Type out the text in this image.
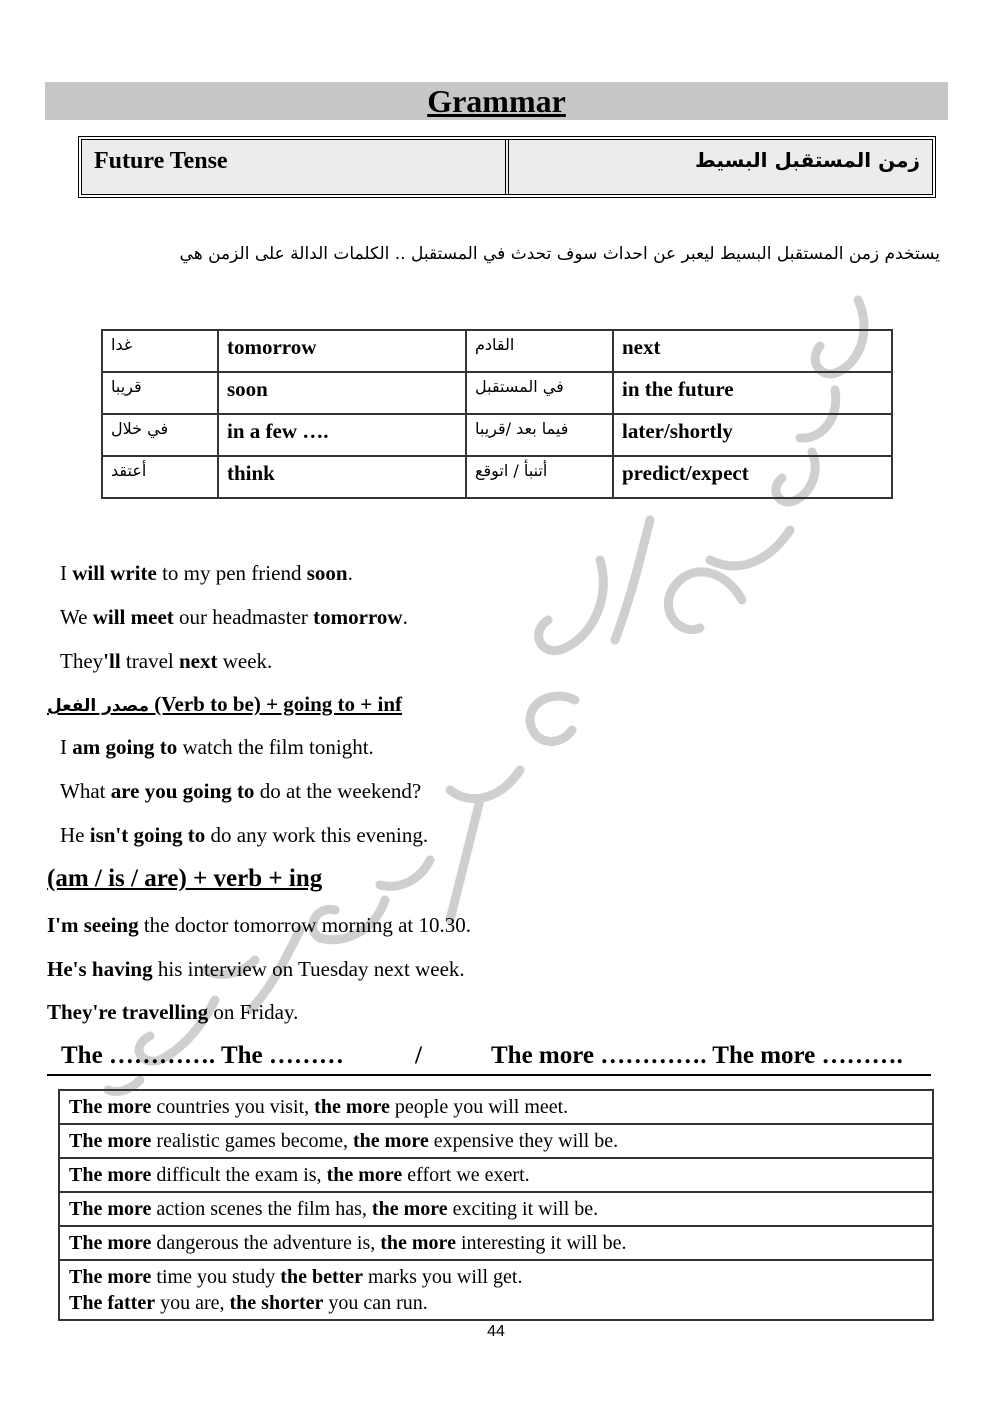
Grammar
Future Tense	زمن المستقبل البسيط
يستخدم زمن المستقبل البسيط ليعبر عن احداث سوف تحدث في المستقبل .. الكلمات الدالة على الزمن هي
غدا	tomorrow	القادم	next
قريبا	soon	في المستقبل	in the future
في خلال	in a few ….	فيما بعد /قريبا	later/shortly
أعتقد	think	أتنبأ / اتوقع	predict/expect
I will write to my pen friend soon.
We will meet our headmaster tomorrow.
They'll travel next week.
مصدر الفعل (Verb to be) + going to + inf
I am going to watch the film tonight.
What are you going to do at the weekend?
He isn't going to do any work this evening.
(am / is / are) + verb + ing
I'm seeing the doctor tomorrow morning at 10.30.
He's having his interview on Tuesday next week.
They're travelling on Friday.
The …………. The ………	/	The more …………. The more ……….
The more countries you visit, the more people you will meet.

The more realistic games become, the more expensive they will be.

The more difficult the exam is, the more effort we exert.

The more action scenes the film has, the more exciting it will be.

The more dangerous the adventure is, the more interesting it will be.

The more time you study the better marks you will get.
The fatter you are, the shorter you can run.
44
